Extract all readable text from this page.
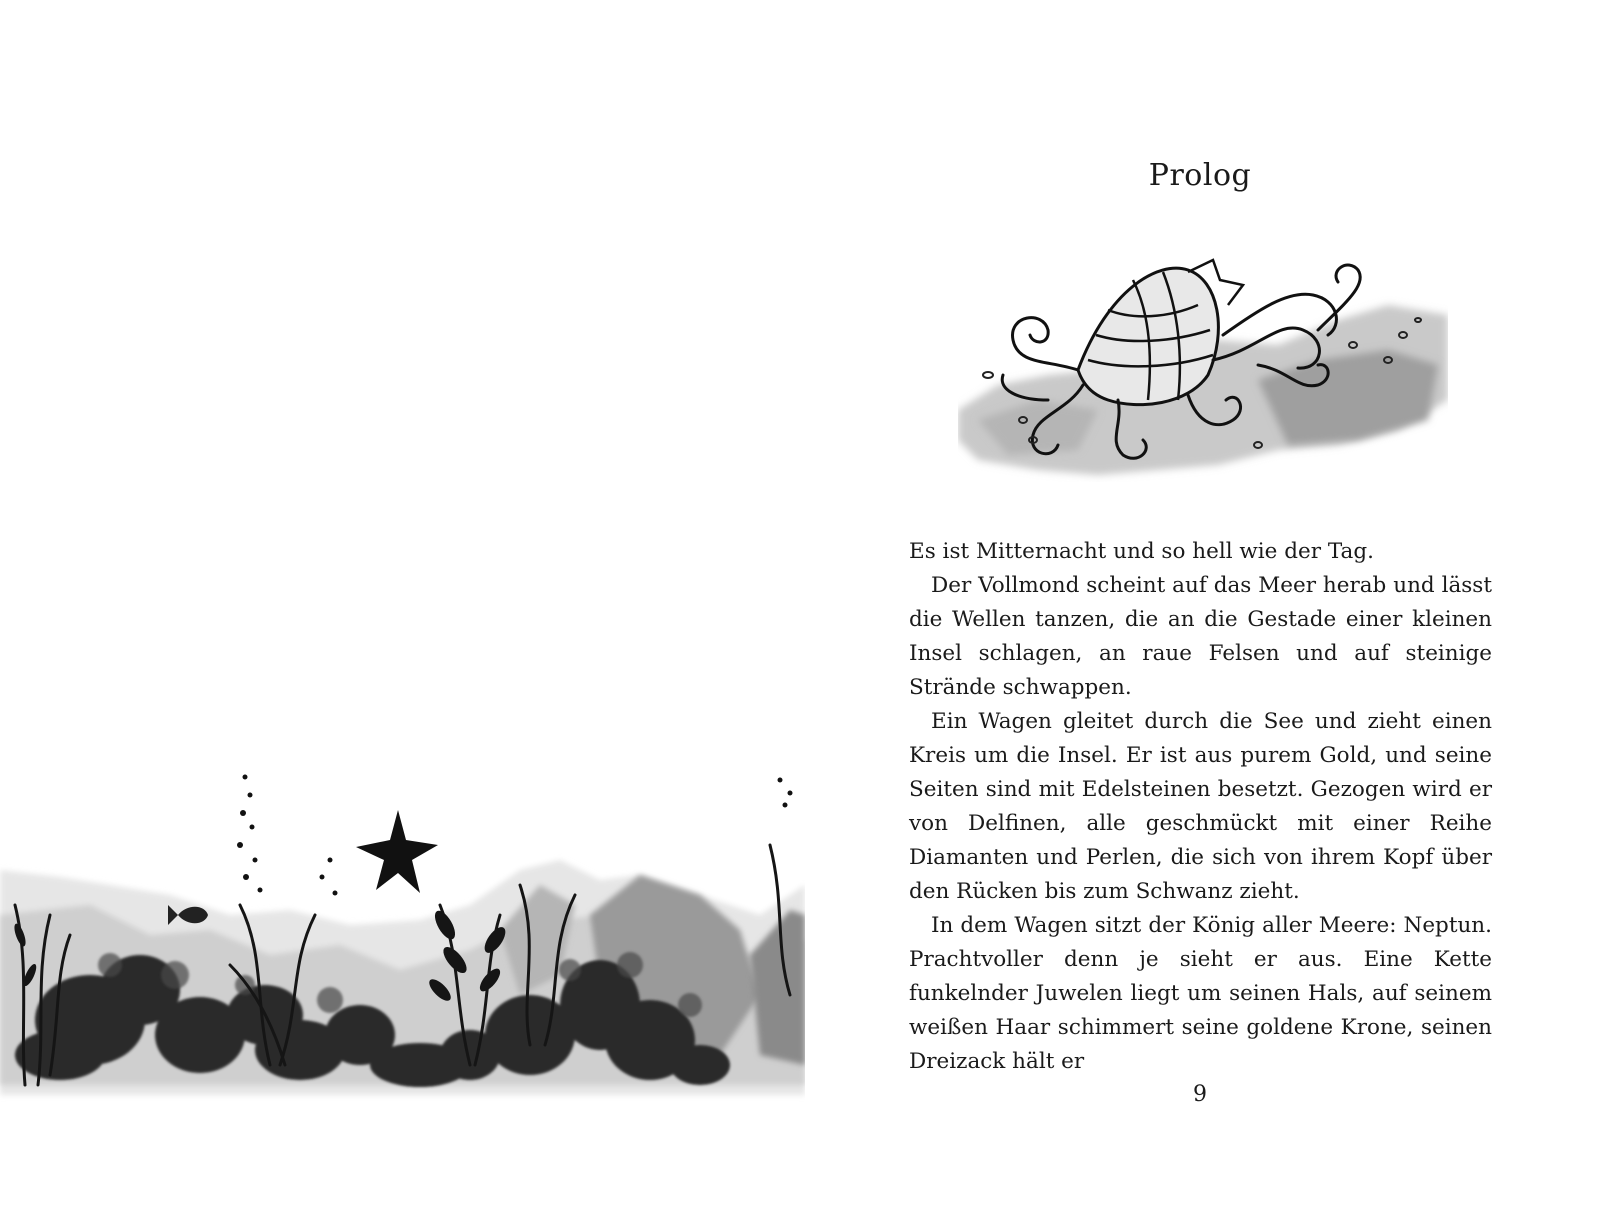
Prolog

Es ist Mitternacht und so hell wie der Tag.

Der Vollmond scheint auf das Meer herab und lässt die Wellen tanzen, die an die Gestade einer kleinen Insel schlagen, an raue Felsen und auf steinige Strände schwappen.

Ein Wagen gleitet durch die See und zieht einen Kreis um die Insel. Er ist aus purem Gold, und seine Seiten sind mit Edelsteinen besetzt. Gezogen wird er von Delfinen, alle geschmückt mit einer Reihe Diamanten und Perlen, die sich von ihrem Kopf über den Rücken bis zum Schwanz zieht.

In dem Wagen sitzt der König aller Meere: Neptun. Prachtvoller denn je sieht er aus. Eine Kette funkelnder Juwelen liegt um seinen Hals, auf seinem weißen Haar schimmert seine goldene Krone, seinen Dreizack hält er

9
